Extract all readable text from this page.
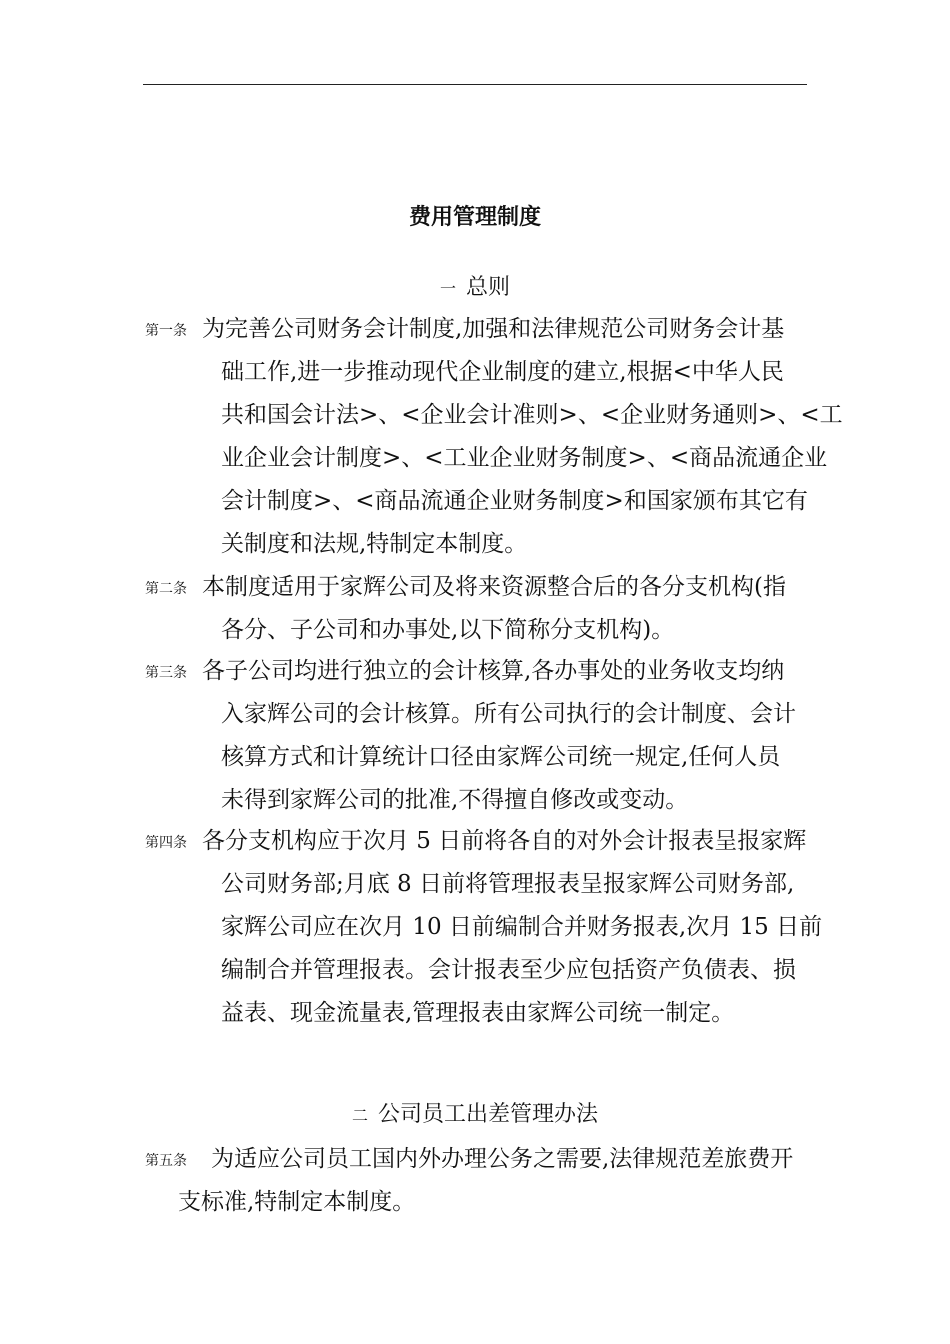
费用管理制度
一 总则
第一条 为完善公司财务会计制度,加强和法律规范公司财务会计基
础工作,进一步推动现代企业制度的建立,根据<中华人民
共和国会计法>、<企业会计准则>、<企业财务通则>、<工
业企业会计制度>、<工业企业财务制度>、<商品流通企业
会计制度>、<商品流通企业财务制度>和国家颁布其它有
关制度和法规,特制定本制度。
第二条 本制度适用于家辉公司及将来资源整合后的各分支机构(指
各分、子公司和办事处,以下简称分支机构)。
第三条 各子公司均进行独立的会计核算,各办事处的业务收支均纳
入家辉公司的会计核算。所有公司执行的会计制度、会计
核算方式和计算统计口径由家辉公司统一规定,任何人员
未得到家辉公司的批准,不得擅自修改或变动。
第四条 各分支机构应于次月 5 日前将各自的对外会计报表呈报家辉
公司财务部;月底 8 日前将管理报表呈报家辉公司财务部,
家辉公司应在次月 10 日前编制合并财务报表,次月 15 日前
编制合并管理报表。会计报表至少应包括资产负债表、损
益表、现金流量表,管理报表由家辉公司统一制定。
二 公司员工出差管理办法
第五条 为适应公司员工国内外办理公务之需要,法律规范差旅费开
支标准,特制定本制度。
